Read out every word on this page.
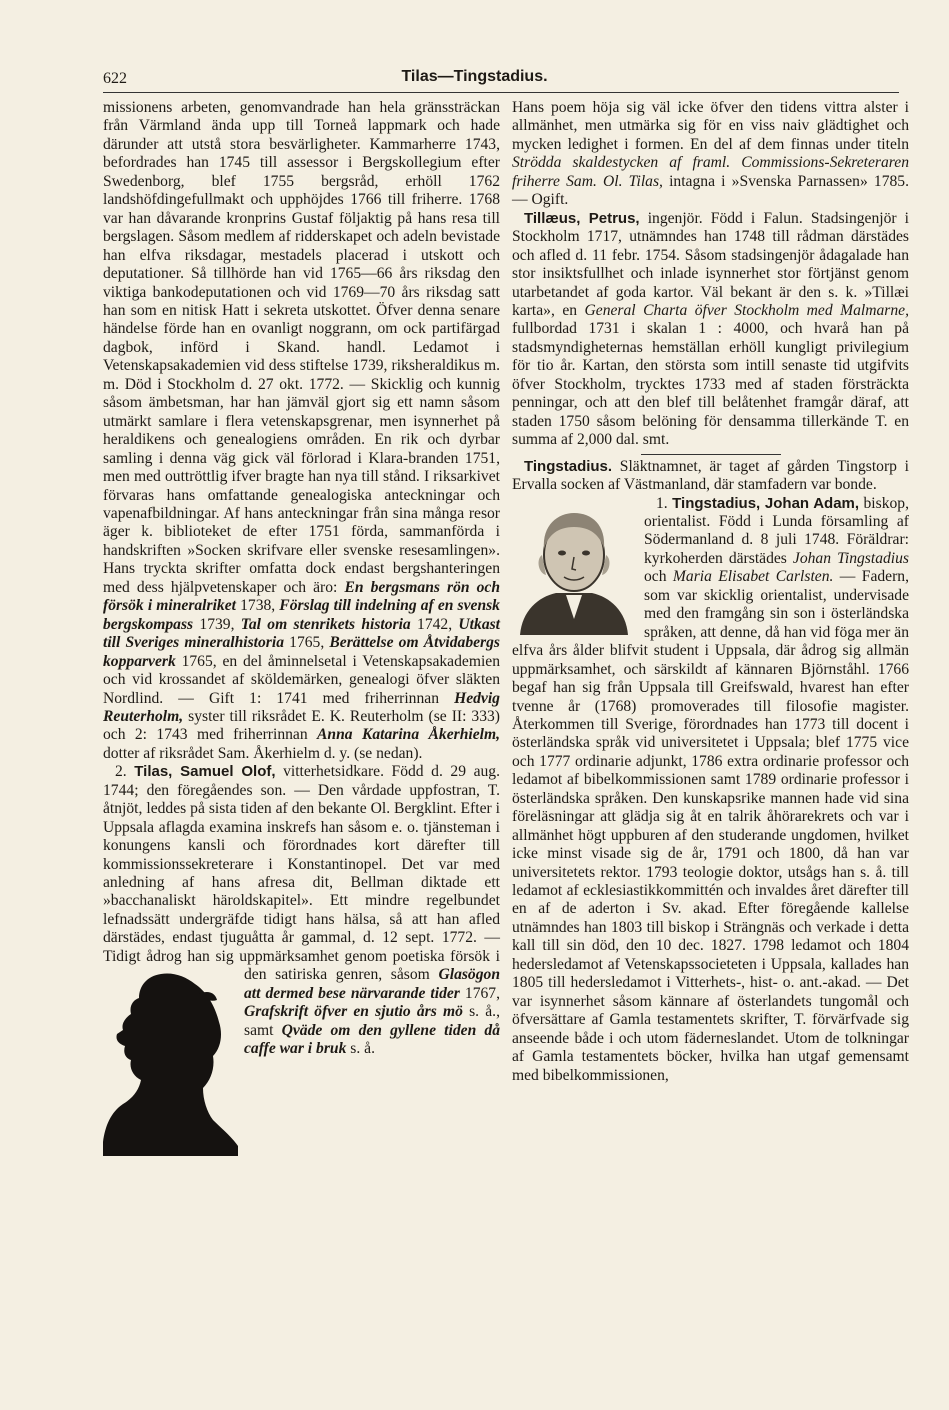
622	Tilas—Tingstadius.

missionens arbeten, genomvandrade han hela gränssträckan från Värmland ända upp till Torneå lappmark och hade därunder att utstå stora besvärligheter. Kammarherre 1743, befordrades han 1745 till assessor i Bergskollegium efter Swedenborg, blef 1755 bergsråd, erhöll 1762 landshöfdingefullmakt och upphöjdes 1766 till friherre. 1768 var han dåvarande kronprins Gustaf följaktig på hans resa till bergslagen. Såsom medlem af ridderskapet och adeln bevistade han elfva riksdagar, mestadels placerad i utskott och deputationer. Så tillhörde han vid 1765—66 års riksdag den viktiga bankodeputationen och vid 1769—70 års riksdag satt han som en nitisk Hatt i sekreta utskottet. Öfver denna senare händelse förde han en ovanligt noggrann, om ock partifärgad dagbok, införd i Skand. handl. Ledamot i Vetenskapsakademien vid dess stiftelse 1739, riksheraldikus m. m. Död i Stockholm d. 27 okt. 1772. — Skicklig och kunnig såsom ämbetsman, har han jämväl gjort sig ett namn såsom utmärkt samlare i flera vetenskapsgrenar, men isynnerhet på heraldikens och genealogiens områden. En rik och dyrbar samling i denna väg gick väl förlorad i Klara-branden 1751, men med outtröttlig ifver bragte han nya till stånd. I riksarkivet förvaras hans omfattande genealogiska anteckningar och vapenafbildningar. Af hans anteckningar från sina många resor äger k. biblioteket de efter 1751 förda, sammanförda i handskriften »Socken skrifvare eller svenske resesamlingen». Hans tryckta skrifter omfatta dock endast bergshanteringen med dess hjälpvetenskaper och äro: En bergsmans rön och försök i mineralriket 1738, Förslag till indelning af en svensk bergskompass 1739, Tal om stenrikets historia 1742, Utkast till Sveriges mineralhistoria 1765, Berättelse om Åtvidabergs kopparverk 1765, en del åminnelsetal i Vetenskapsakademien och vid krossandet af sköldemärken, genealogi öfver släkten Nordlind. — Gift 1: 1741 med friherrinnan Hedvig Reuterholm, syster till riksrådet E. K. Reuterholm (se II: 333) och 2: 1743 med friherrinnan Anna Katarina Åkerhielm, dotter af riksrådet Sam. Åkerhielm d. y. (se nedan).

2. Tilas, Samuel Olof, vitterhetsidkare. Född d. 29 aug. 1744; den föregåendes son. — Den vårdade uppfostran, T. åtnjöt, leddes på sista tiden af den bekante Ol. Bergklint. Efter i Uppsala aflagda examina inskrefs han såsom e. o. tjänsteman i konungens kansli och förordnades kort därefter till kommissionssekreterare i Konstantinopel. Det var med anledning af hans afresa dit, Bellman diktade ett »bacchanaliskt häroldskapitel». Ett mindre regelbundet lefnadssätt undergräfde tidigt hans hälsa, så att han afled därstädes, endast tjuguåtta år gammal, d. 12 sept. 1772. — Tidigt ådrog han sig uppmärksamhet genom poetiska försök i den satiriska genren, såsom Glasögon att dermed bese närvarande tider 1767, Grafskrift öfver en sjutio års mö s. å., samt Qväde om den gyllene tiden då caffe war i bruk s. å.

Hans poem höja sig väl icke öfver den tidens vittra alster i allmänhet, men utmärka sig för en viss naiv glädtighet och mycken ledighet i formen. En del af dem finnas under titeln Strödda skaldestycken af framl. Commissions-Sekreteraren friherre Sam. Ol. Tilas, intagna i »Svenska Parnassen» 1785. — Ogift.

Tillæus, Petrus, ingenjör. Född i Falun. Stadsingenjör i Stockholm 1717, utnämndes han 1748 till rådman därstädes och afled d. 11 febr. 1754. Såsom stadsingenjör ådagalade han stor insiktsfullhet och inlade isynnerhet stor förtjänst genom utarbetandet af goda kartor. Väl bekant är den s. k. »Tillæi karta», en General Charta öfver Stockholm med Malmarne, fullbordad 1731 i skalan 1 : 4000, och hvarå han på stadsmyndigheternas hemställan erhöll kungligt privilegium för tio år. Kartan, den största som intill senaste tid utgifvits öfver Stockholm, trycktes 1733 med af staden försträckta penningar, och att den blef till belåtenhet framgår däraf, att staden 1750 såsom belöning för densamma tillerkände T. en summa af 2,000 dal. smt.

Tingstadius. Släktnamnet, är taget af gården Tingstorp i Ervalla socken af Västmanland, där stamfadern var bonde.

1. Tingstadius, Johan Adam, biskop, orientalist. Född i Lunda församling af Södermanland d. 8 juli 1748. Föräldrar: kyrkoherden därstädes Johan Tingstadius och Maria Elisabet Carlsten. — Fadern, som var skicklig orientalist, undervisade med den framgång sin son i österländska språken, att denne, då han vid föga mer än elfva års ålder blifvit student i Uppsala, där ådrog sig allmän uppmärksamhet, och särskildt af kännaren Björnståhl. 1766 begaf han sig från Uppsala till Greifswald, hvarest han efter tvenne år (1768) promoverades till filosofie magister. Återkommen till Sverige, förordnades han 1773 till docent i österländska språk vid universitetet i Uppsala; blef 1775 vice och 1777 ordinarie adjunkt, 1786 extra ordinarie professor och ledamot af bibelkommissionen samt 1789 ordinarie professor i österländska språken. Den kunskapsrike mannen hade vid sina föreläsningar att glädja sig åt en talrik åhörarekrets och var i allmänhet högt uppburen af den studerande ungdomen, hvilket icke minst visade sig de år, 1791 och 1800, då han var universitetets rektor. 1793 teologie doktor, utsågs han s. å. till ledamot af ecklesiastikkommittén och invaldes året därefter till en af de aderton i Sv. akad. Efter föregående kallelse utnämndes han 1803 till biskop i Strängnäs och verkade i detta kall till sin död, den 10 dec. 1827. 1798 ledamot och 1804 hedersledamot af Vetenskapssocieteten i Uppsala, kallades han 1805 till hedersledamot i Vitterhets-, hist- o. ant.-akad. — Det var isynnerhet såsom kännare af österlandets tungomål och öfversättare af Gamla testamentets skrifter, T. förvärfvade sig anseende både i och utom fäderneslandet. Utom de tolkningar af Gamla testamentets böcker, hvilka han utgaf gemensamt med bibelkommissionen,
